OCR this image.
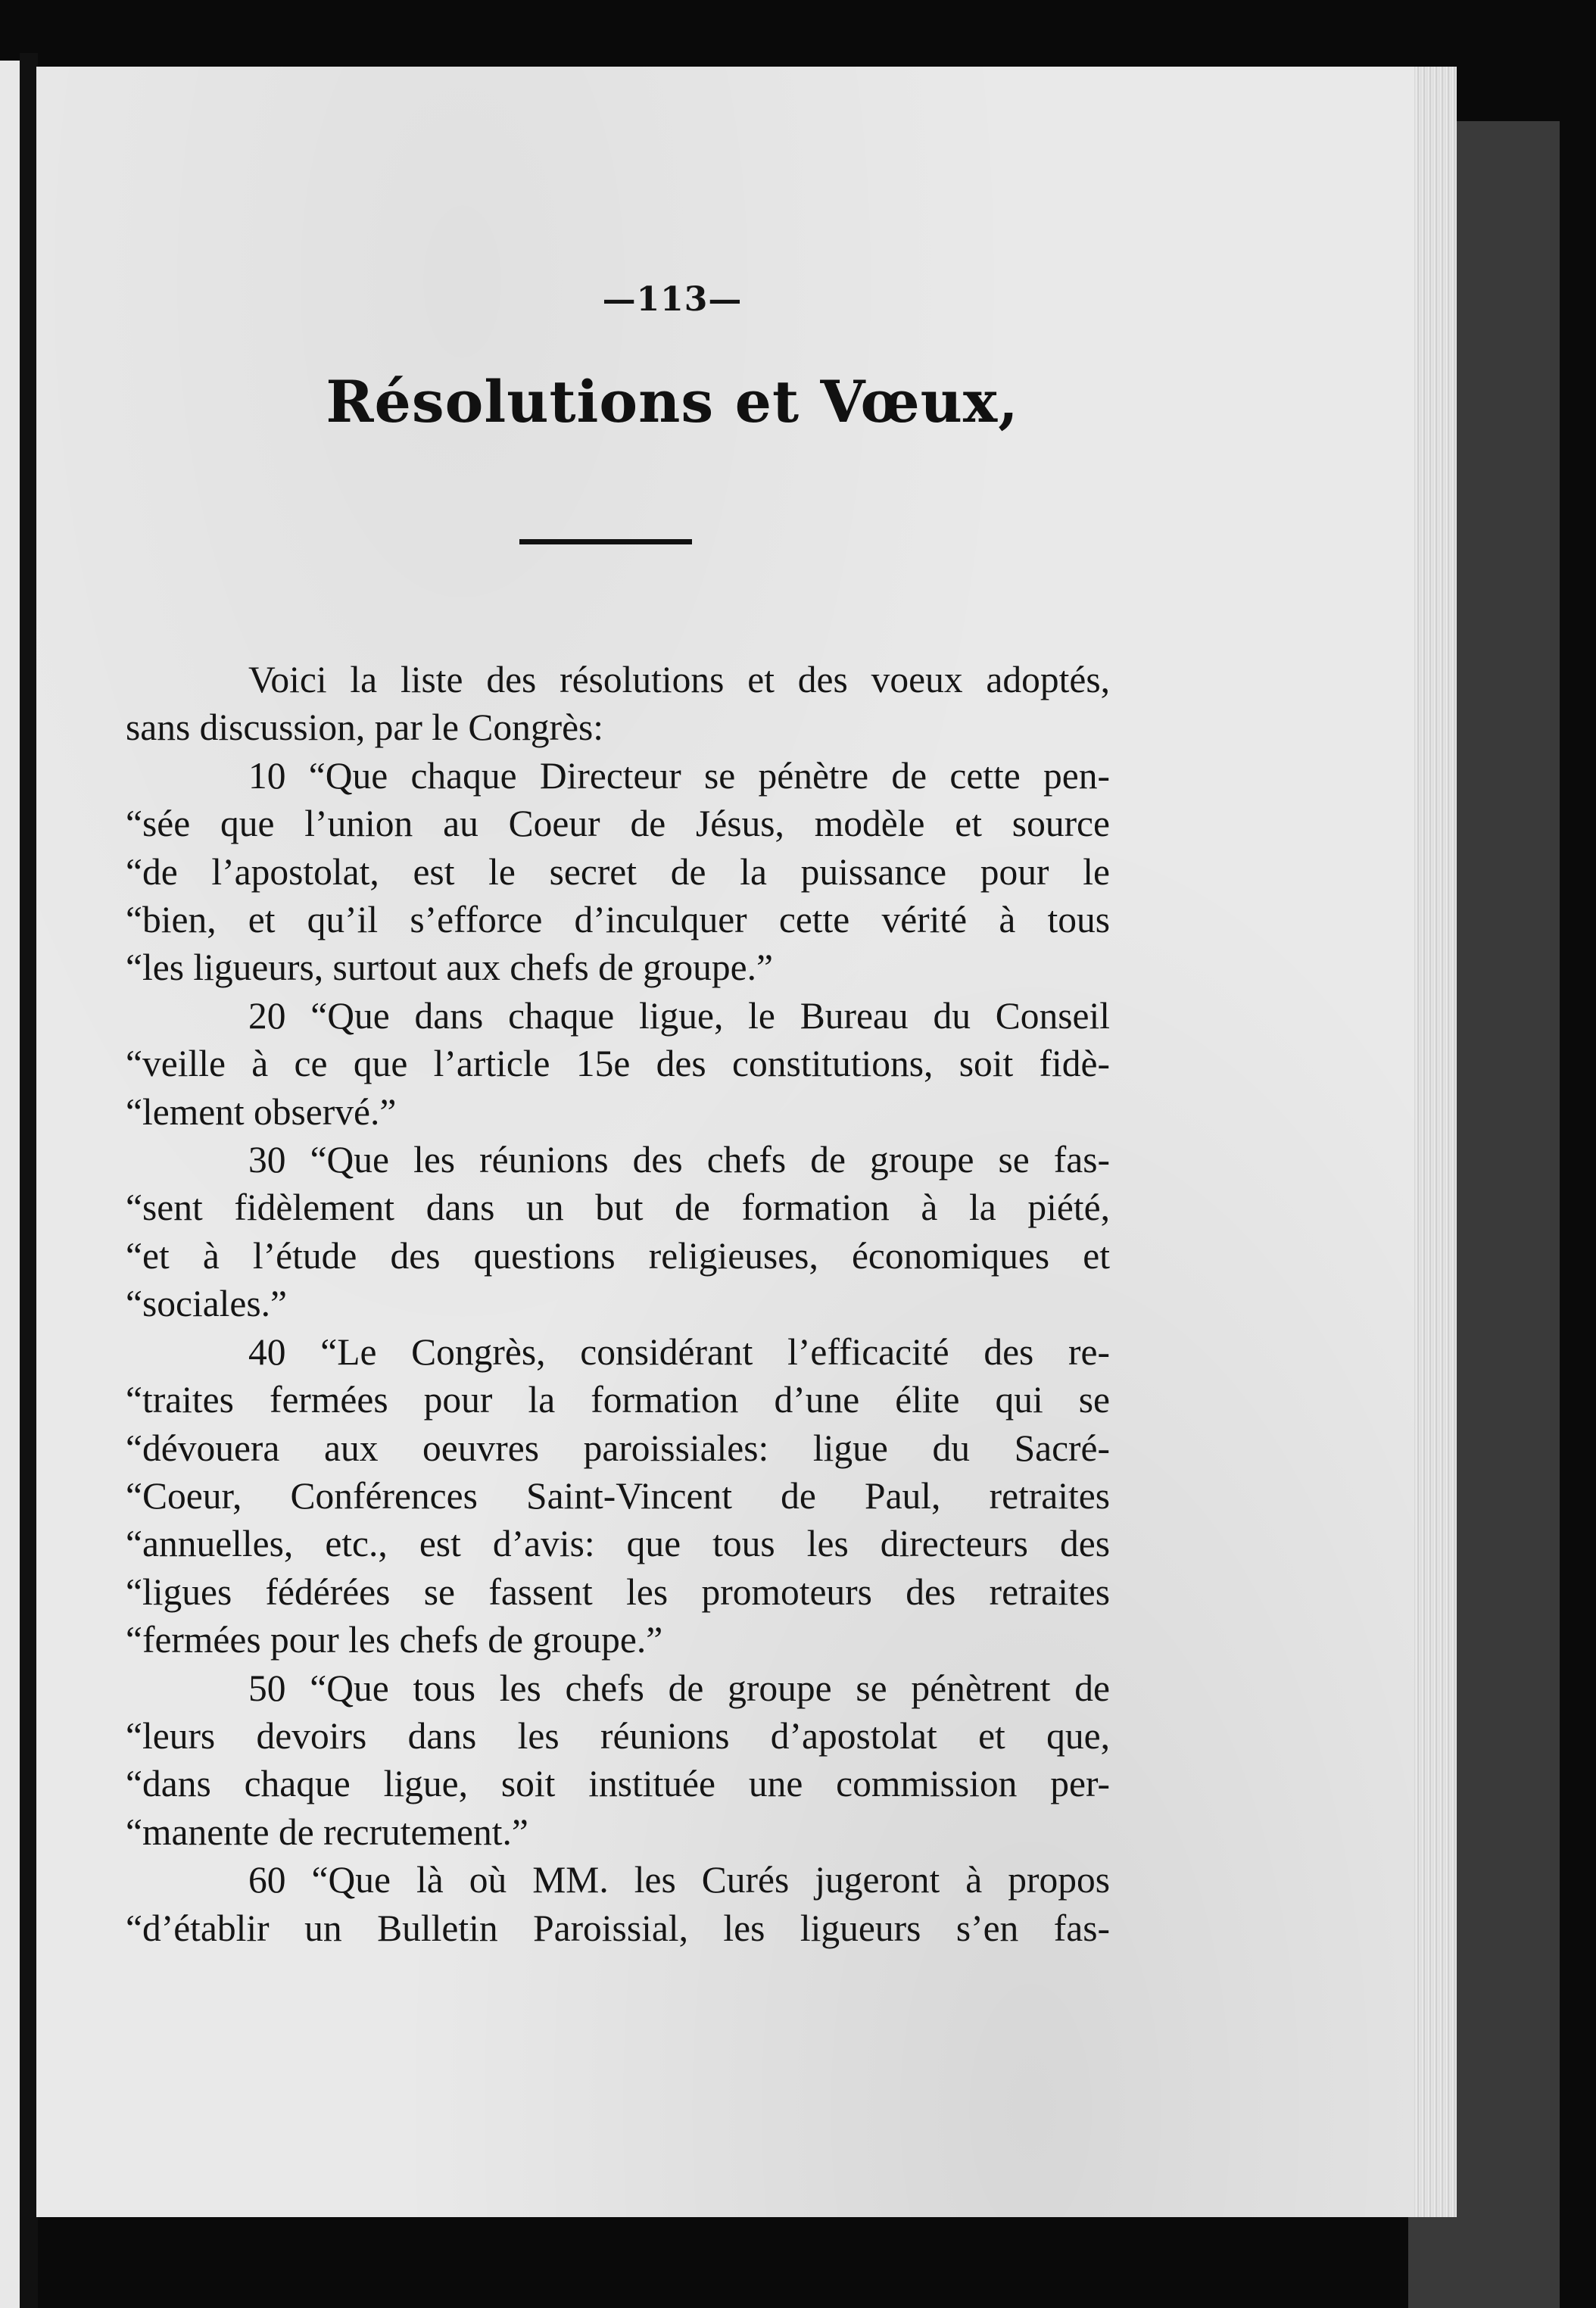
—113—
Résolutions et Vœux,
Voici la liste des résolutions et des voeux adoptés,
sans discussion, par le Congrès:
10 “Que chaque Directeur se pénètre de cette pen-
“sée que l’union au Coeur de Jésus, modèle et source
“de l’apostolat, est le secret de la puissance pour le
“bien, et qu’il s’efforce d’inculquer cette vérité à tous
“les ligueurs, surtout aux chefs de groupe.”
20 “Que dans chaque ligue, le Bureau du Conseil
“veille à ce que l’article 15e des constitutions, soit fidè-
“lement observé.”
30 “Que les réunions des chefs de groupe se fas-
“sent fidèlement dans un but de formation à la piété,
“et à l’étude des questions religieuses, économiques et
“sociales.”
40 “Le Congrès, considérant l’efficacité des re-
“traites fermées pour la formation d’une élite qui se
“dévouera aux oeuvres paroissiales: ligue du Sacré-
“Coeur, Conférences Saint-Vincent de Paul, retraites
“annuelles, etc., est d’avis: que tous les directeurs des
“ligues fédérées se fassent les promoteurs des retraites
“fermées pour les chefs de groupe.”
50 “Que tous les chefs de groupe se pénètrent de
“leurs devoirs dans les réunions d’apostolat et que,
“dans chaque ligue, soit instituée une commission per-
“manente de recrutement.”
60 “Que là où MM. les Curés jugeront à propos
“d’établir un Bulletin Paroissial, les ligueurs s’en fas-
